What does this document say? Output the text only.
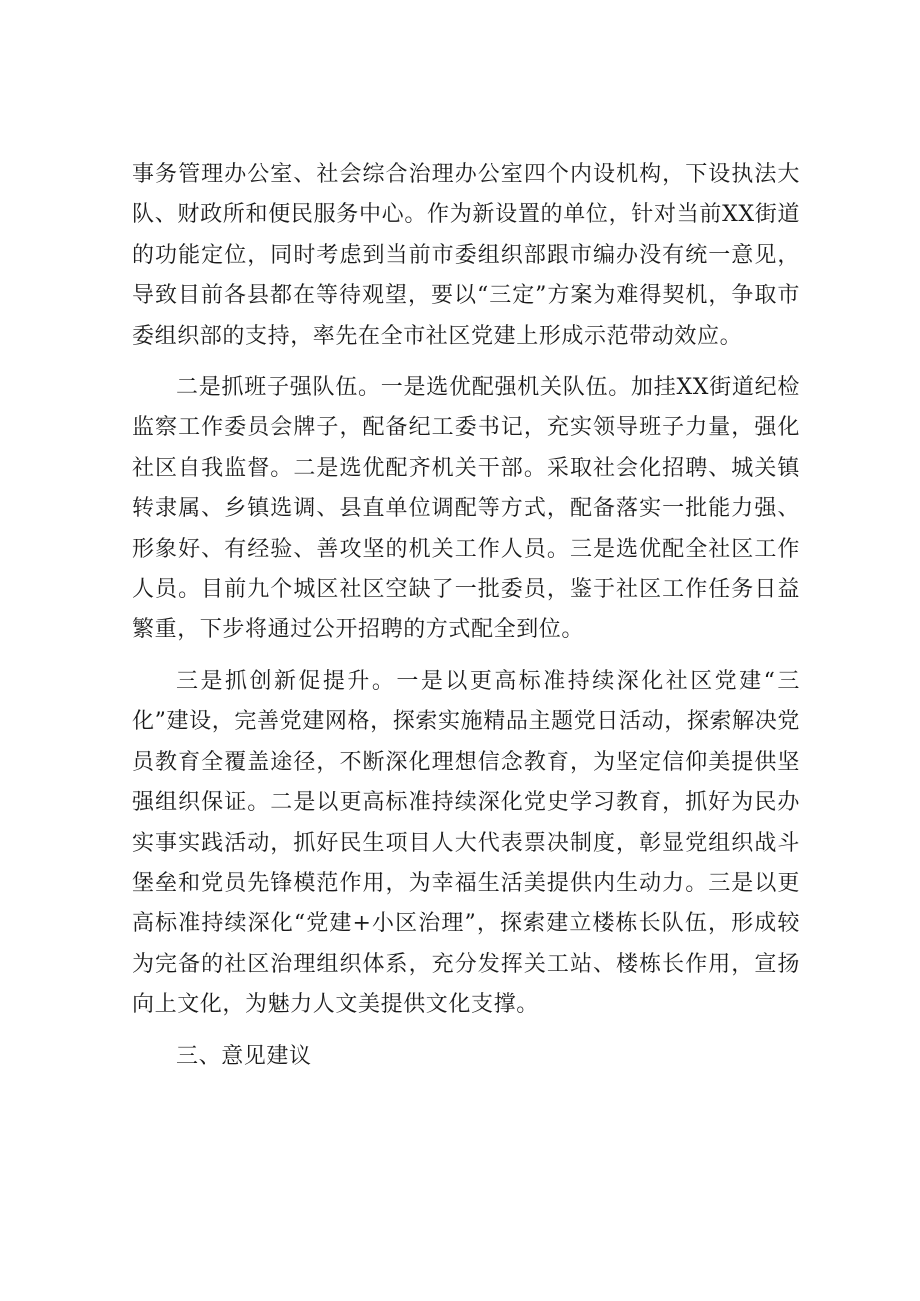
事务管理办公室、社会综合治理办公室四个内设机构，下设执法大队、财政所和便民服务中心。作为新设置的单位，针对当前XX街道的功能定位，同时考虑到当前市委组织部跟市编办没有统一意见，导致目前各县都在等待观望，要以“三定”方案为难得契机，争取市委组织部的支持，率先在全市社区党建上形成示范带动效应。

二是抓班子强队伍。一是选优配强机关队伍。加挂XX街道纪检监察工作委员会牌子，配备纪工委书记，充实领导班子力量，强化社区自我监督。二是选优配齐机关干部。采取社会化招聘、城关镇转隶属、乡镇选调、县直单位调配等方式，配备落实一批能力强、形象好、有经验、善攻坚的机关工作人员。三是选优配全社区工作人员。目前九个城区社区空缺了一批委员，鉴于社区工作任务日益繁重，下步将通过公开招聘的方式配全到位。

三是抓创新促提升。一是以更高标准持续深化社区党建“三化”建设，完善党建网格，探索实施精品主题党日活动，探索解决党员教育全覆盖途径，不断深化理想信念教育，为坚定信仰美提供坚强组织保证。二是以更高标准持续深化党史学习教育，抓好为民办实事实践活动，抓好民生项目人大代表票决制度，彰显党组织战斗堡垒和党员先锋模范作用，为幸福生活美提供内生动力。三是以更高标准持续深化“党建+小区治理”，探索建立楼栋长队伍，形成较为完备的社区治理组织体系，充分发挥关工站、楼栋长作用，宣扬向上文化，为魅力人文美提供文化支撑。

三、意见建议
